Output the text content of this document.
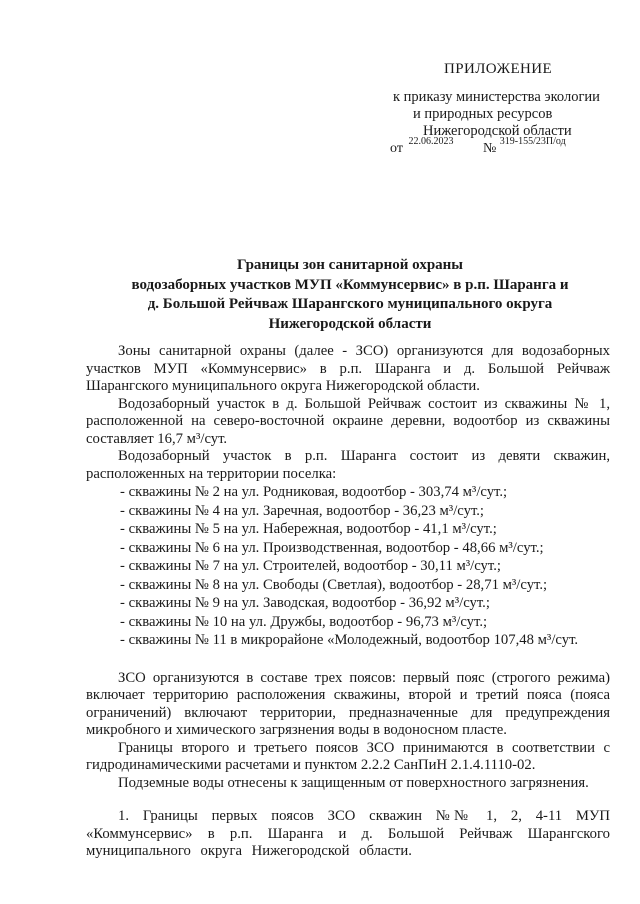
ПРИЛОЖЕНИЕ
к приказу министерства экологии
и природных ресурсов
Нижегородской области
от $^{22.06.2023}$ № $^{319-155/23П/од}$
Границы зон санитарной охраны
водозаборных участков МУП «Коммунсервис» в р.п. Шаранга и
д. Большой Рейчваж Шарангского муниципального округа
Нижегородской области

Зоны санитарной охраны (далее - ЗСО) организуются для водозаборных участков МУП «Коммунсервис» в р.п. Шаранга и д. Большой Рейчваж Шарангского муниципального округа Нижегородской области.

Водозаборный участок в д. Большой Рейчваж состоит из скважины № 1, расположенной на северо-восточной окраине деревни, водоотбор из скважины составляет 16,7 м³/сут.

Водозаборный участок в р.п. Шаранга состоит из девяти скважин, расположенных на территории поселка:

- скважины № 2 на ул. Родниковая, водоотбор - 303,74 м³/сут.;
- скважины № 4 на ул. Заречная, водоотбор - 36,23 м³/сут.;
- скважины № 5 на ул. Набережная, водоотбор - 41,1 м³/сут.;
- скважины № 6 на ул. Производственная, водоотбор - 48,66 м³/сут.;
- скважины № 7 на ул. Строителей, водоотбор - 30,11 м³/сут.;
- скважины № 8 на ул. Свободы (Светлая), водоотбор - 28,71 м³/сут.;
- скважины № 9 на ул. Заводская, водоотбор - 36,92 м³/сут.;
- скважины № 10 на ул. Дружбы, водоотбор - 96,73 м³/сут.;
- скважины № 11 в микрорайоне «Молодежный, водоотбор 107,48 м³/сут.

ЗСО организуются в составе трех поясов: первый пояс (строгого режима) включает территорию расположения скважины, второй и третий пояса (пояса ограничений) включают территории, предназначенные для предупреждения микробного и химического загрязнения воды в водоносном пласте.

Границы второго и третьего поясов ЗСО принимаются в соответствии с гидродинамическими расчетами и пунктом 2.2.2 СанПиН 2.1.4.1110-02.

Подземные воды отнесены к защищенным от поверхностного загрязнения.

1. Границы первых поясов ЗСО скважин №№ 1, 2, 4-11 МУП «Коммунсервис» в р.п. Шаранга и д. Большой Рейчваж Шарангского муниципального округа Нижегородской области.
